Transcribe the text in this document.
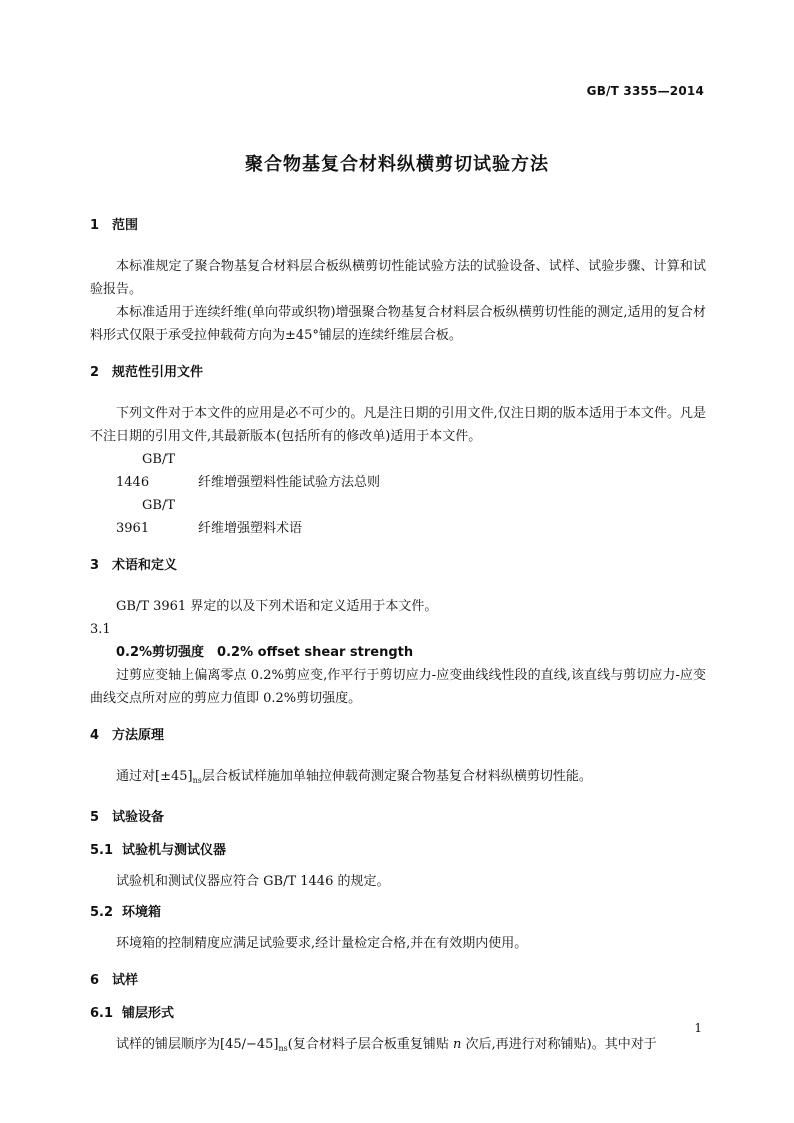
GB/T 3355—2014
聚合物基复合材料纵横剪切试验方法
1 范围

本标准规定了聚合物基复合材料层合板纵横剪切性能试验方法的试验设备、试样、试验步骤、计算和试验报告。

本标准适用于连续纤维(单向带或织物)增强聚合物基复合材料层合板纵横剪切性能的测定,适用的复合材料形式仅限于承受拉伸载荷方向为±45°铺层的连续纤维层合板。

2 规范性引用文件

下列文件对于本文件的应用是必不可少的。凡是注日期的引用文件,仅注日期的版本适用于本文件。凡是不注日期的引用文件,其最新版本(包括所有的修改单)适用于本文件。

GB/T 1446	纤维增强塑料性能试验方法总则
GB/T 3961	纤维增强塑料术语
3 术语和定义

GB/T 3961 界定的以及下列术语和定义适用于本文件。

3.1

0.2%剪切强度　0.2% offset shear strength

过剪应变轴上偏离零点 0.2%剪应变,作平行于剪切应力-应变曲线线性段的直线,该直线与剪切应力-应变曲线交点所对应的剪应力值即 0.2%剪切强度。

4 方法原理

通过对$[\pm 45]_{ns}$层合板试样施加单轴拉伸载荷测定聚合物基复合材料纵横剪切性能。

5 试验设备
5.1 试验机与测试仪器

试验机和测试仪器应符合 GB/T 1446 的规定。

5.2 环境箱

环境箱的控制精度应满足试验要求,经计量检定合格,并在有效期内使用。

6 试样
6.1 铺层形式

试样的铺层顺序为$[45/-45]_{ns}$(复合材料子层合板重复铺贴 n 次后,再进行对称铺贴)。其中对于

1
